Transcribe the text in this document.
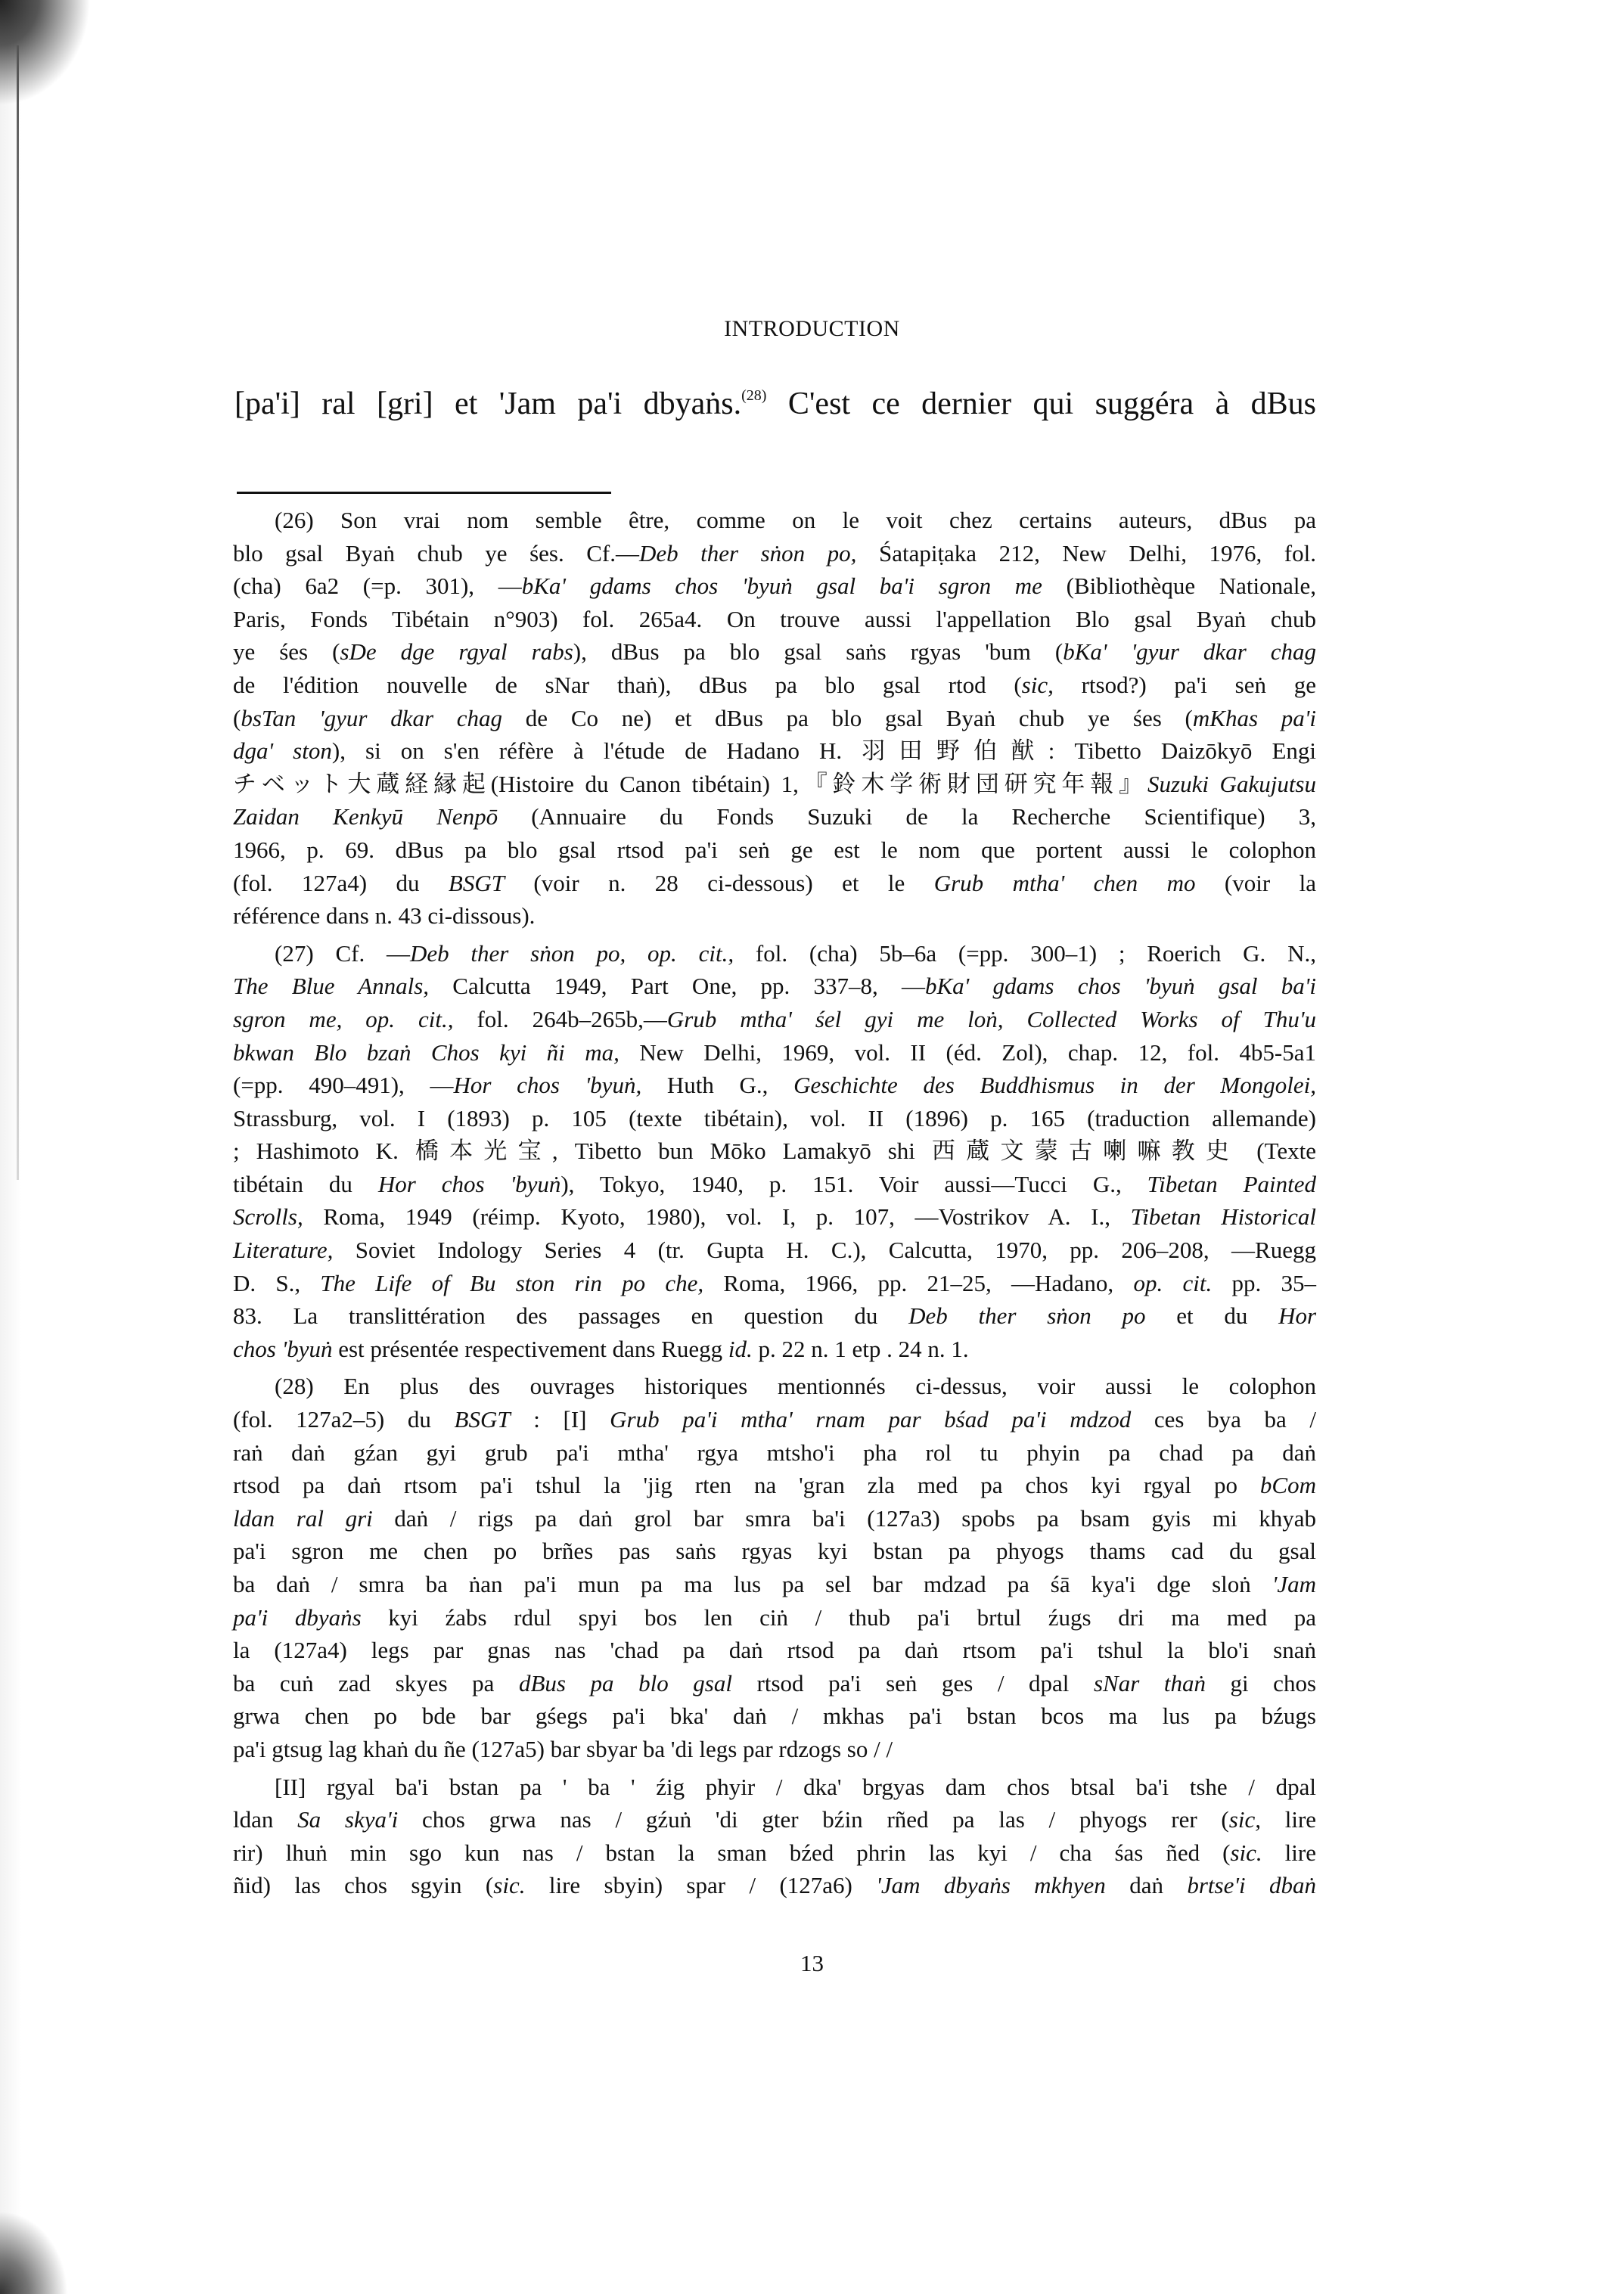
INTRODUCTION
[pa'i] ral [gri] et 'Jam pa'i dbyaṅs.$^{(28)}$ C'est ce dernier qui suggéra à dBus
(26) Son vrai nom semble être, comme on le voit chez certains auteurs, dBus pa
blo gsal Byaṅ chub ye śes. Cf.—Deb ther sṅon po, Śatapiṭaka 212, New Delhi, 1976, fol.
(cha) 6a2 (=p. 301), —bKa' gdams chos 'byuṅ gsal ba'i sgron me (Bibliothèque Nationale,
Paris, Fonds Tibétain n°903) fol. 265a4. On trouve aussi l'appellation Blo gsal Byaṅ chub
ye śes (sDe dge rgyal rabs), dBus pa blo gsal saṅs rgyas 'bum (bKa' 'gyur dkar chag
de l'édition nouvelle de sNar thaṅ), dBus pa blo gsal rtod (sic, rtsod?) pa'i seṅ ge
(bsTan 'gyur dkar chag de Co ne) et dBus pa blo gsal Byaṅ chub ye śes (mKhas pa'i
dga' ston), si on s'en réfère à l'étude de Hadano H. 羽田野伯猷: Tibetto Daizōkyō Engi
チベット大蔵経縁起(Histoire du Canon tibétain) 1,『鈴木学術財団研究年報』Suzuki Gakujutsu
Zaidan Kenkyū Nenpō (Annuaire du Fonds Suzuki de la Recherche Scientifique) 3,
1966, p. 69. dBus pa blo gsal rtsod pa'i seṅ ge est le nom que portent aussi le colophon
(fol. 127a4) du BSGT (voir n. 28 ci-dessous) et le Grub mtha' chen mo (voir la
référence dans n. 43 ci-dissous).
(27) Cf. —Deb ther sṅon po, op. cit., fol. (cha) 5b–6a (=pp. 300–1) ; Roerich G. N.,
The Blue Annals, Calcutta 1949, Part One, pp. 337–8, —bKa' gdams chos 'byuṅ gsal ba'i
sgron me, op. cit., fol. 264b–265b,—Grub mtha' śel gyi me loṅ, Collected Works of Thu'u
bkwan Blo bzaṅ Chos kyi ñi ma, New Delhi, 1969, vol. II (éd. Zol), chap. 12, fol. 4b5-5a1
(=pp. 490–491), —Hor chos 'byuṅ, Huth G., Geschichte des Buddhismus in der Mongolei,
Strassburg, vol. I (1893) p. 105 (texte tibétain), vol. II (1896) p. 165 (traduction allemande)
; Hashimoto K. 橋本光宝, Tibetto bun Mōko Lamakyō shi 西蔵文蒙古喇嘛教史 (Texte
tibétain du Hor chos 'byuṅ), Tokyo, 1940, p. 151. Voir aussi—Tucci G., Tibetan Painted
Scrolls, Roma, 1949 (réimp. Kyoto, 1980), vol. I, p. 107, —Vostrikov A. I., Tibetan Historical
Literature, Soviet Indology Series 4 (tr. Gupta H. C.), Calcutta, 1970, pp. 206–208, —Ruegg
D. S., The Life of Bu ston rin po che, Roma, 1966, pp. 21–25, —Hadano, op. cit. pp. 35–
83. La translittération des passages en question du Deb ther sṅon po et du Hor
chos 'byuṅ est présentée respectivement dans Ruegg id. p. 22 n. 1 etp . 24 n. 1.
(28) En plus des ouvrages historiques mentionnés ci-dessus, voir aussi le colophon
(fol. 127a2–5) du BSGT : [I] Grub pa'i mtha' rnam par bśad pa'i mdzod ces bya ba /
raṅ daṅ gźan gyi grub pa'i mtha' rgya mtsho'i pha rol tu phyin pa chad pa daṅ
rtsod pa daṅ rtsom pa'i tshul la 'jig rten na 'gran zla med pa chos kyi rgyal po bCom
ldan ral gri daṅ / rigs pa daṅ grol bar smra ba'i (127a3) spobs pa bsam gyis mi khyab
pa'i sgron me chen po brñes pas saṅs rgyas kyi bstan pa phyogs thams cad du gsal
ba daṅ / smra ba ṅan pa'i mun pa ma lus pa sel bar mdzad pa śā kya'i dge sloṅ 'Jam
pa'i dbyaṅs kyi źabs rdul spyi bos len ciṅ / thub pa'i brtul źugs dri ma med pa
la (127a4) legs par gnas nas 'chad pa daṅ rtsod pa daṅ rtsom pa'i tshul la blo'i snaṅ
ba cuṅ zad skyes pa dBus pa blo gsal rtsod pa'i seṅ ges / dpal sNar thaṅ gi chos
grwa chen po bde bar gśegs pa'i bka' daṅ / mkhas pa'i bstan bcos ma lus pa bźugs
pa'i gtsug lag khaṅ du ñe (127a5) bar sbyar ba 'di legs par rdzogs so / /
[II] rgyal ba'i bstan pa ' ba ' źig phyir / dka' brgyas dam chos btsal ba'i tshe / dpal
ldan Sa skya'i chos grwa nas / gźuṅ 'di gter bźin rñed pa las / phyogs rer (sic, lire
rir) lhuṅ min sgo kun nas / bstan la sman bźed phrin las kyi / cha śas ñed (sic. lire
ñid) las chos sgyin (sic. lire sbyin) spar / (127a6) 'Jam dbyaṅs mkhyen daṅ brtse'i dbaṅ
13
